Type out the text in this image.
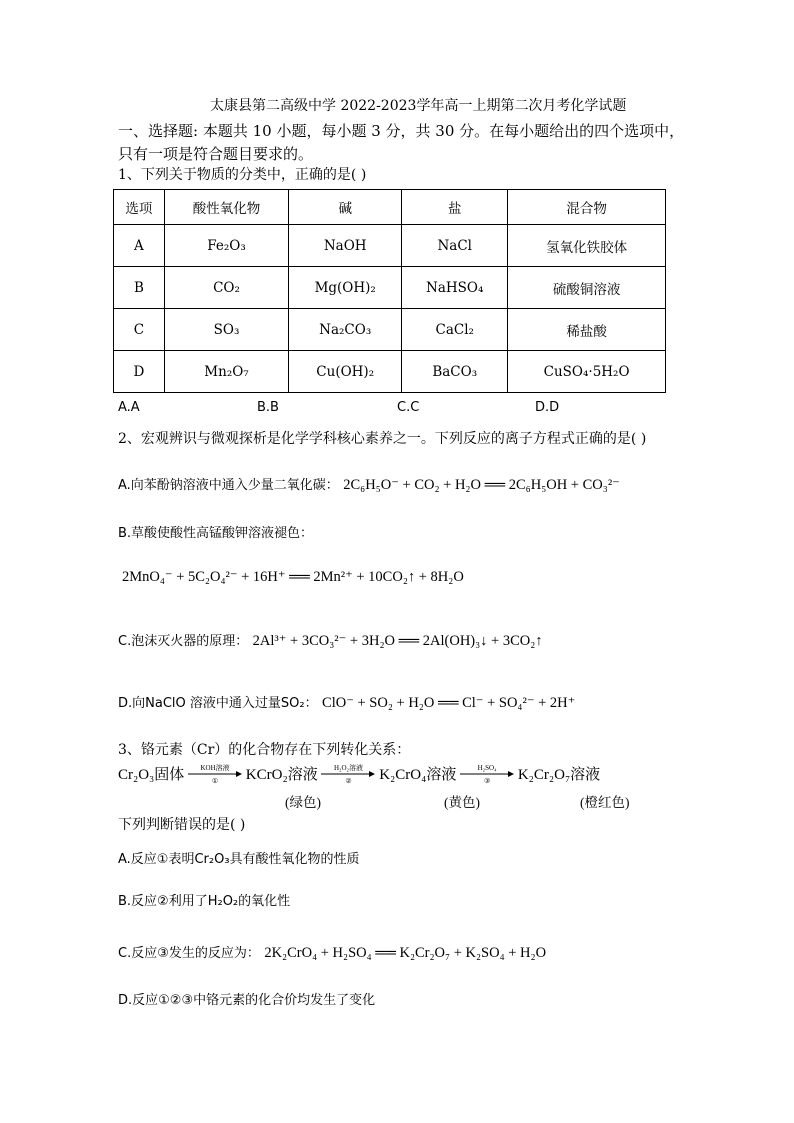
太康县第二高级中学 2022-2023学年高一上期第二次月考化学试题
一、选择题: 本题共 10 小题，每小题 3 分，共 30 分。在每小题给出的四个选项中，只有一项是符合题目要求的。
1、下列关于物质的分类中，正确的是( )
选项	酸性氧化物	碱	盐	混合物
A	Fe₂O₃	NaOH	NaCl	氢氧化铁胶体
B	CO₂	Mg(OH)₂	NaHSO₄	硫酸铜溶液
C	SO₃	Na₂CO₃	CaCl₂	稀盐酸
D	Mn₂O₇	Cu(OH)₂	BaCO₃	CuSO₄·5H₂O
A.A	B.B	C.C	D.D
2、宏观辨识与微观探析是化学学科核心素养之一。下列反应的离子方程式正确的是( )
A.向苯酚钠溶液中通入少量二氧化碳： 2C₆H₅O⁻ + CO₂ + H₂O ══ 2C₆H₅OH + CO₃²⁻
B.草酸使酸性高锰酸钾溶液褪色：
2MnO₄⁻ + 5C₂O₄²⁻ + 16H⁺ ══ 2Mn²⁺ + 10CO₂↑ + 8H₂O
C.泡沫灭火器的原理： 2Al³⁺ + 3CO₃²⁻ + 3H₂O ══ 2Al(OH)₃↓ + 3CO₂↑
D.向NaClO 溶液中通入过量SO₂： ClO⁻ + SO₂ + H₂O ══ Cl⁻ + SO₄²⁻ + 2H⁺
3、铬元素（Cr）的化合物存在下列转化关系：
Cr₂O₃固体	KOH溶液
①	KCrO₂溶液	H₂O₂溶液
②	K₂CrO₄溶液	H₂SO₄
③	K₂Cr₂O₇溶液
(绿色)	(黄色)	(橙红色)
下列判断错误的是( )
A.反应①表明Cr₂O₃具有酸性氧化物的性质
B.反应②利用了H₂O₂的氧化性
C.反应③发生的反应为： 2K₂CrO₄ + H₂SO₄ ══ K₂Cr₂O₇ + K₂SO₄ + H₂O
D.反应①②③中铬元素的化合价均发生了变化
